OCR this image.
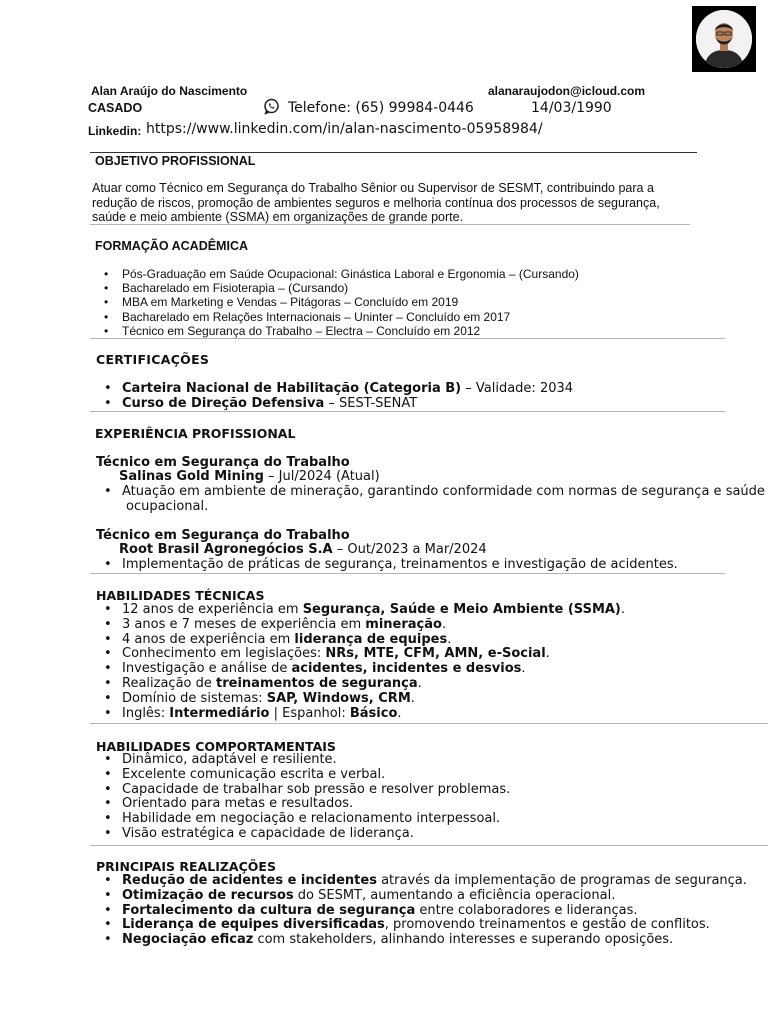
Alan Araújo do Nascimento	alanaraujodon@icloud.com
CASADO	Telefone: (65) 99984-0446	14/03/1990
Linkedin: https://www.linkedin.com/in/alan-nascimento-05958984/
OBJETIVO PROFISSIONAL
Atuar como Técnico em Segurança do Trabalho Sênior ou Supervisor de SESMT, contribuindo para a
redução de riscos, promoção de ambientes seguros e melhoria contínua dos processos de segurança,
saúde e meio ambiente (SSMA) em organizações de grande porte.
FORMAÇÃO ACADÊMICA
• Pós-Graduação em Saúde Ocupacional: Ginástica Laboral e Ergonomia – (Cursando)
• Bacharelado em Fisioterapia – (Cursando)
• MBA em Marketing e Vendas – Pitágoras – Concluído em 2019
• Bacharelado em Relações Internacionais – Uninter – Concluído em 2017
• Técnico em Segurança do Trabalho – Electra – Concluído em 2012
CERTIFICAÇÕES
• Carteira Nacional de Habilitação (Categoria B) – Validade: 2034
• Curso de Direção Defensiva – SEST-SENAT
EXPERIÊNCIA PROFISSIONAL
Técnico em Segurança do Trabalho
Salinas Gold Mining – Jul/2024 (Atual)
• Atuação em ambiente de mineração, garantindo conformidade com normas de segurança e saúde
ocupacional.
Técnico em Segurança do Trabalho
Root Brasil Agronegócios S.A – Out/2023 a Mar/2024
• Implementação de práticas de segurança, treinamentos e investigação de acidentes.
HABILIDADES TÉCNICAS
• 12 anos de experiência em Segurança, Saúde e Meio Ambiente (SSMA).
• 3 anos e 7 meses de experiência em mineração.
• 4 anos de experiência em liderança de equipes.
• Conhecimento em legislações: NRs, MTE, CFM, AMN, e-Social.
• Investigação e análise de acidentes, incidentes e desvios.
• Realização de treinamentos de segurança.
• Domínio de sistemas: SAP, Windows, CRM.
• Inglês: Intermediário | Espanhol: Básico.
HABILIDADES COMPORTAMENTAIS
• Dinâmico, adaptável e resiliente.
• Excelente comunicação escrita e verbal.
• Capacidade de trabalhar sob pressão e resolver problemas.
• Orientado para metas e resultados.
• Habilidade em negociação e relacionamento interpessoal.
• Visão estratégica e capacidade de liderança.
PRINCIPAIS REALIZAÇÕES
• Redução de acidentes e incidentes através da implementação de programas de segurança.
• Otimização de recursos do SESMT, aumentando a eficiência operacional.
• Fortalecimento da cultura de segurança entre colaboradores e lideranças.
• Liderança de equipes diversificadas, promovendo treinamentos e gestão de conflitos.
• Negociação eficaz com stakeholders, alinhando interesses e superando oposições.
